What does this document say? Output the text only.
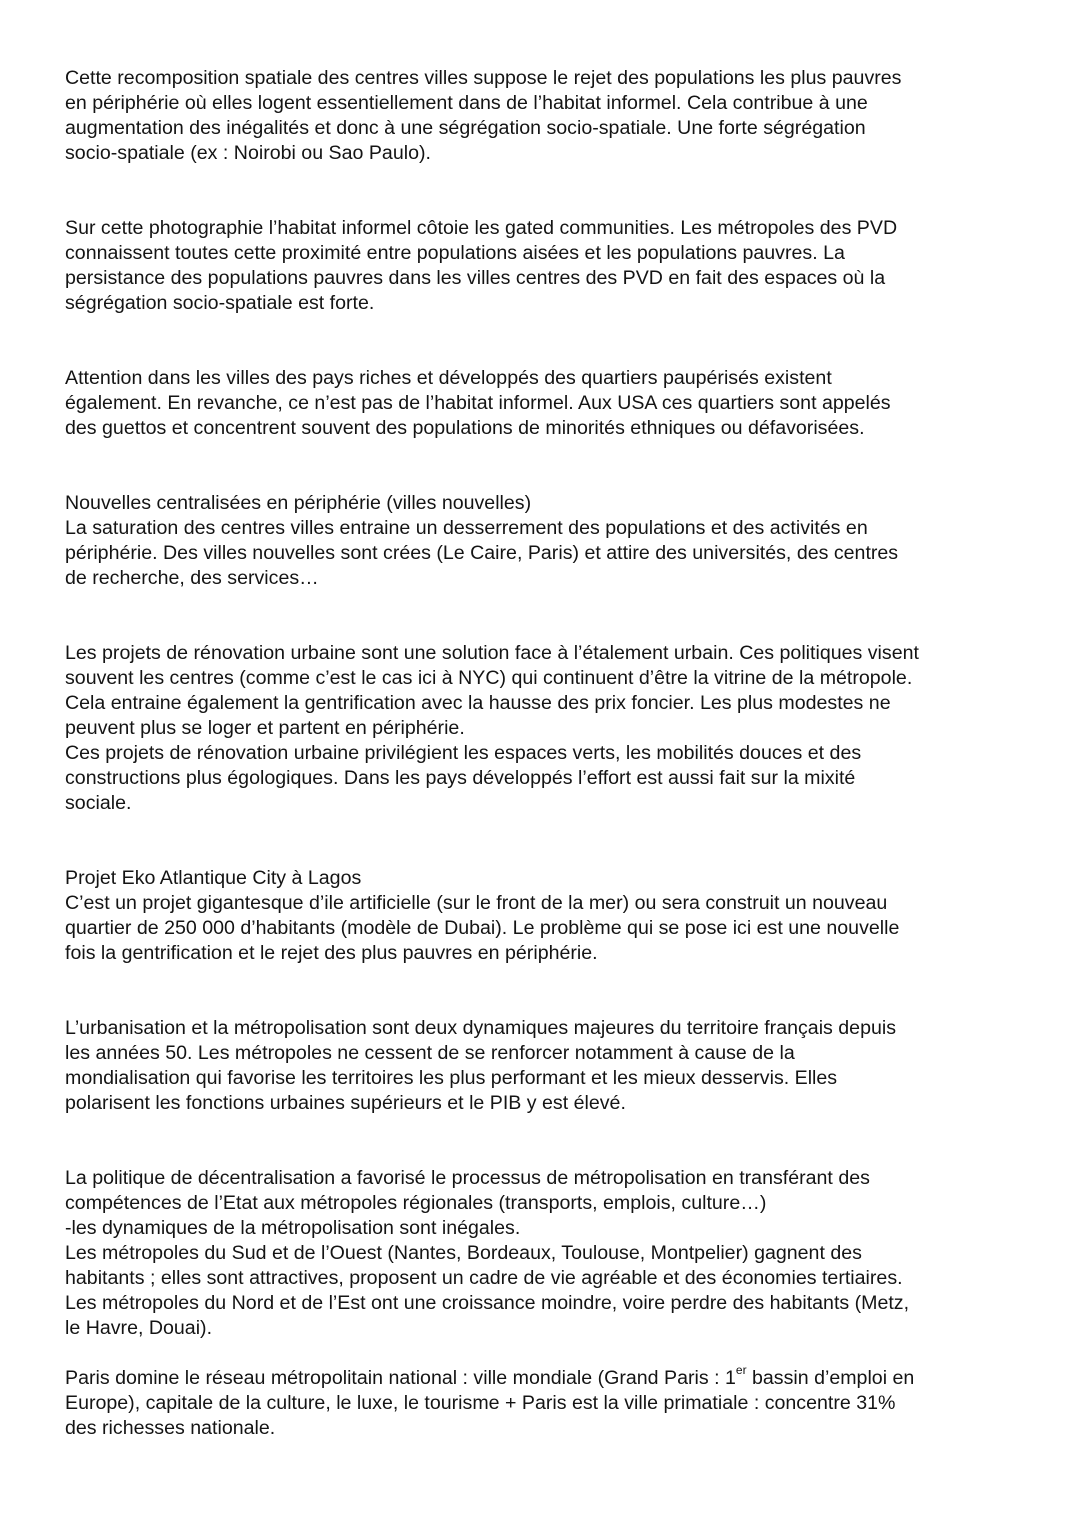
Cette recomposition spatiale des centres villes suppose le rejet des populations les plus pauvres
en périphérie où elles logent essentiellement dans de l’habitat informel. Cela contribue à une
augmentation des inégalités et donc à une ségrégation socio-spatiale. Une forte ségrégation
socio-spatiale (ex : Noirobi ou Sao Paulo).

Sur cette photographie l’habitat informel côtoie les gated communities. Les métropoles des PVD
connaissent toutes cette proximité entre populations aisées et les populations pauvres. La
persistance des populations pauvres dans les villes centres des PVD en fait des espaces où la
ségrégation socio-spatiale est forte.

Attention dans les villes des pays riches et développés des quartiers paupérisés existent
également. En revanche, ce n’est pas de l’habitat informel. Aux USA ces quartiers sont appelés
des guettos et concentrent souvent des populations de minorités ethniques ou défavorisées.

Nouvelles centralisées en périphérie (villes nouvelles)
La saturation des centres villes entraine un desserrement des populations et des activités en
périphérie. Des villes nouvelles sont crées (Le Caire, Paris) et attire des universités, des centres
de recherche, des services…

Les projets de rénovation urbaine sont une solution face à l’étalement urbain. Ces politiques visent
souvent les centres (comme c’est le cas ici à NYC) qui continuent d’être la vitrine de la métropole.
Cela entraine également la gentrification avec la hausse des prix foncier. Les plus modestes ne
peuvent plus se loger et partent en périphérie.
Ces projets de rénovation urbaine privilégient les espaces verts, les mobilités douces et des
constructions plus égologiques. Dans les pays développés l’effort est aussi fait sur la mixité
sociale.

Projet Eko Atlantique City à Lagos
C’est un projet gigantesque d’ile artificielle (sur le front de la mer) ou sera construit un nouveau
quartier de 250 000 d’habitants (modèle de Dubai). Le problème qui se pose ici est une nouvelle
fois la gentrification et le rejet des plus pauvres en périphérie.

L’urbanisation et la métropolisation sont deux dynamiques majeures du territoire français depuis
les années 50. Les métropoles ne cessent de se renforcer notamment à cause de la
mondialisation qui favorise les territoires les plus performant et les mieux desservis. Elles
polarisent les fonctions urbaines supérieurs et le PIB y est élevé.

La politique de décentralisation a favorisé le processus de métropolisation en transférant des
compétences de l’Etat aux métropoles régionales (transports, emplois, culture…)
-les dynamiques de la métropolisation sont inégales.
Les métropoles du Sud et de l’Ouest (Nantes, Bordeaux, Toulouse, Montpelier) gagnent des
habitants ; elles sont attractives, proposent un cadre de vie agréable et des économies tertiaires.
Les métropoles du Nord et de l’Est ont une croissance moindre, voire perdre des habitants (Metz,
le Havre, Douai).

Paris domine le réseau métropolitain national : ville mondiale (Grand Paris : 1er bassin d’emploi en
Europe), capitale de la culture, le luxe, le tourisme + Paris est la ville primatiale : concentre 31%
des richesses nationale.
